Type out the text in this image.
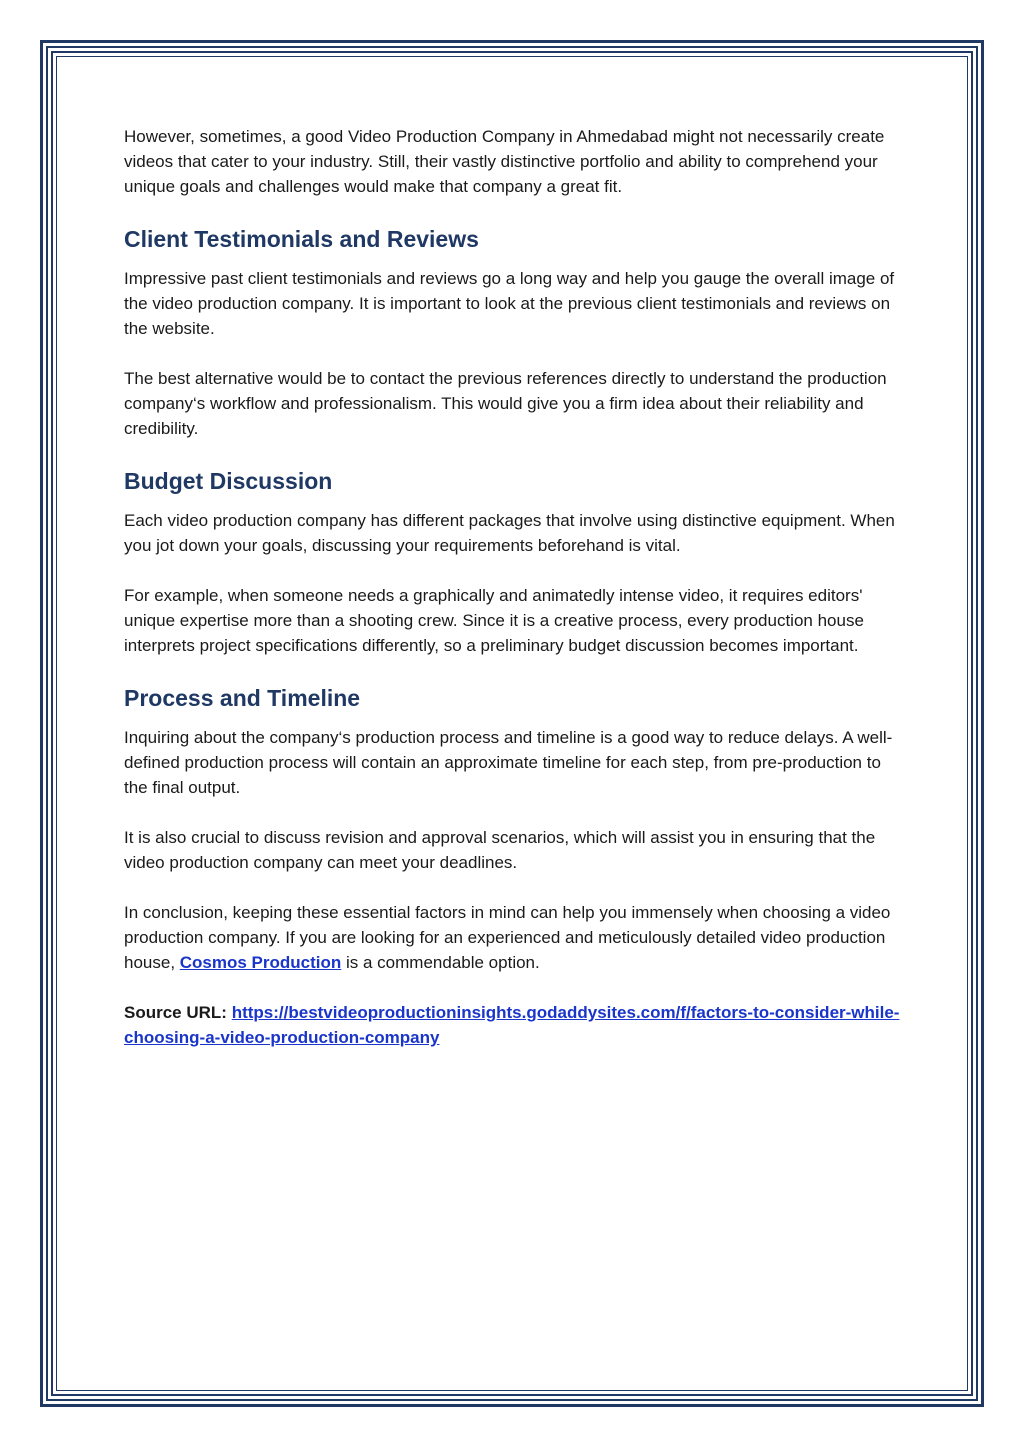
However, sometimes, a good Video Production Company in Ahmedabad might not necessarily create videos that cater to your industry. Still, their vastly distinctive portfolio and ability to comprehend your unique goals and challenges would make that company a great fit.

Client Testimonials and Reviews

Impressive past client testimonials and reviews go a long way and help you gauge the overall image of the video production company. It is important to look at the previous client testimonials and reviews on the website.

The best alternative would be to contact the previous references directly to understand the production company‘s workflow and professionalism. This would give you a firm idea about their reliability and credibility.

Budget Discussion

Each video production company has different packages that involve using distinctive equipment. When you jot down your goals, discussing your requirements beforehand is vital.

For example, when someone needs a graphically and animatedly intense video, it requires editors' unique expertise more than a shooting crew. Since it is a creative process, every production house interprets project specifications differently, so a preliminary budget discussion becomes important.

Process and Timeline

Inquiring about the company‘s production process and timeline is a good way to reduce delays. A well-defined production process will contain an approximate timeline for each step, from pre-production to the final output.

It is also crucial to discuss revision and approval scenarios, which will assist you in ensuring that the video production company can meet your deadlines.

In conclusion, keeping these essential factors in mind can help you immensely when choosing a video production company. If you are looking for an experienced and meticulously detailed video production house, Cosmos Production is a commendable option.

Source URL: https://bestvideoproductioninsights.godaddysites.com/f/factors-to-consider-while-choosing-a-video-production-company
